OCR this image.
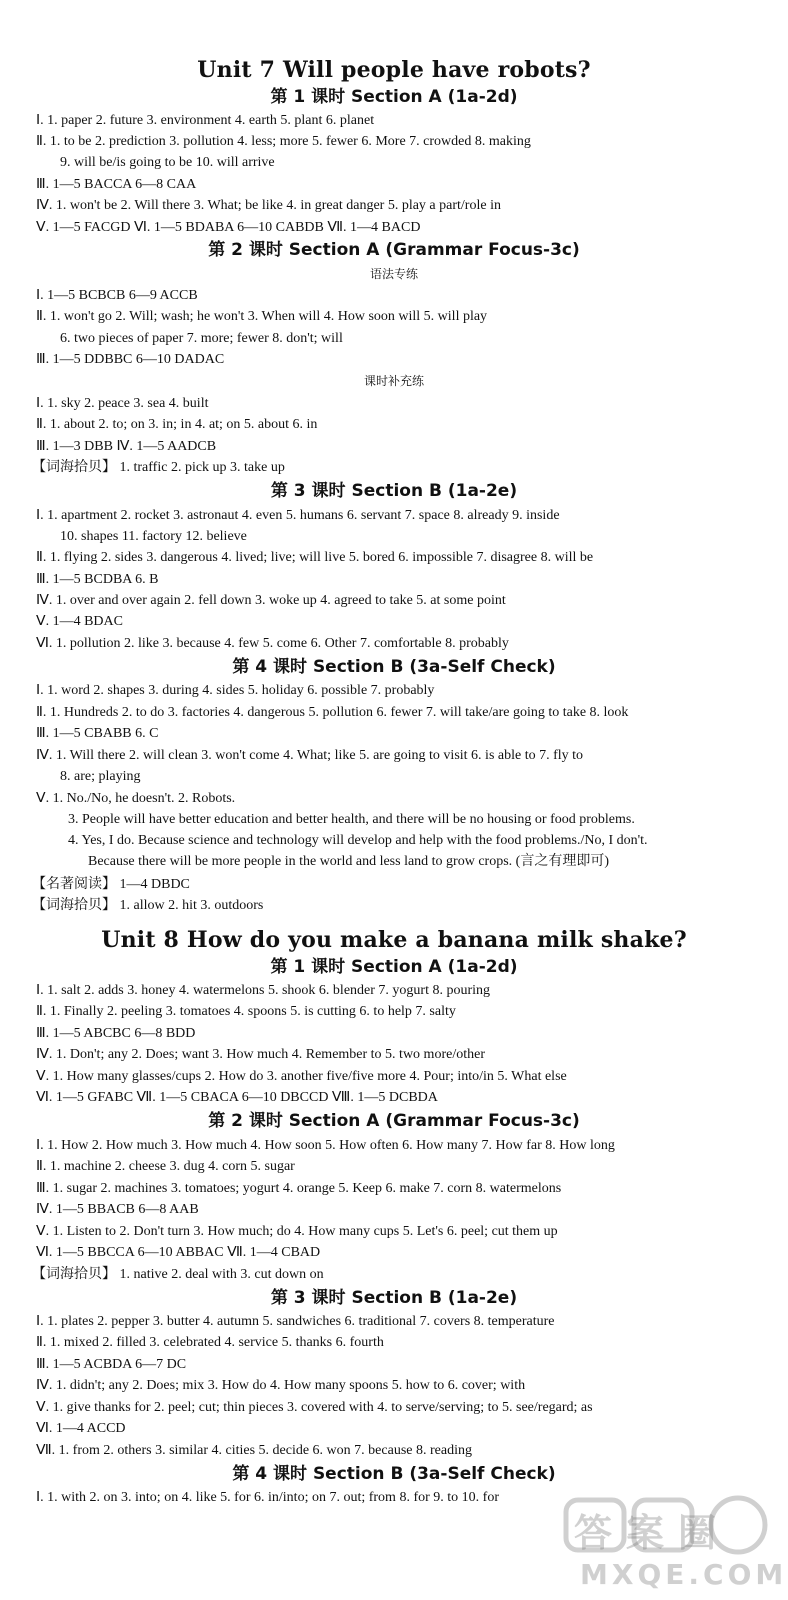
Unit 7 Will people have robots?
第 1 课时 Section A (1a-2d)
Ⅰ. 1. paper 2. future 3. environment 4. earth 5. plant 6. planet
Ⅱ. 1. to be 2. prediction 3. pollution 4. less; more 5. fewer 6. More 7. crowded 8. making
9. will be/is going to be 10. will arrive
Ⅲ. 1—5 BACCA 6—8 CAA
Ⅳ. 1. won't be 2. Will there 3. What; be like 4. in great danger 5. play a part/role in
Ⅴ. 1—5 FACGD Ⅵ. 1—5 BDABA 6—10 CABDB Ⅶ. 1—4 BACD
第 2 课时 Section A (Grammar Focus-3c)
语法专练
Ⅰ. 1—5 BCBCB 6—9 ACCB
Ⅱ. 1. won't go 2. Will; wash; he won't 3. When will 4. How soon will 5. will play
6. two pieces of paper 7. more; fewer 8. don't; will
Ⅲ. 1—5 DDBBC 6—10 DADAC
课时补充练
Ⅰ. 1. sky 2. peace 3. sea 4. built
Ⅱ. 1. about 2. to; on 3. in; in 4. at; on 5. about 6. in
Ⅲ. 1—3 DBB Ⅳ. 1—5 AADCB
【词海拾贝】 1. traffic 2. pick up 3. take up
第 3 课时 Section B (1a-2e)
Ⅰ. 1. apartment 2. rocket 3. astronaut 4. even 5. humans 6. servant 7. space 8. already 9. inside
10. shapes 11. factory 12. believe
Ⅱ. 1. flying 2. sides 3. dangerous 4. lived; live; will live 5. bored 6. impossible 7. disagree 8. will be
Ⅲ. 1—5 BCDBA 6. B
Ⅳ. 1. over and over again 2. fell down 3. woke up 4. agreed to take 5. at some point
Ⅴ. 1—4 BDAC
Ⅵ. 1. pollution 2. like 3. because 4. few 5. come 6. Other 7. comfortable 8. probably
第 4 课时 Section B (3a-Self Check)
Ⅰ. 1. word 2. shapes 3. during 4. sides 5. holiday 6. possible 7. probably
Ⅱ. 1. Hundreds 2. to do 3. factories 4. dangerous 5. pollution 6. fewer 7. will take/are going to take 8. look
Ⅲ. 1—5 CBABB 6. C
Ⅳ. 1. Will there 2. will clean 3. won't come 4. What; like 5. are going to visit 6. is able to 7. fly to
8. are; playing
Ⅴ. 1. No./No, he doesn't. 2. Robots.
3. People will have better education and better health, and there will be no housing or food problems.
4. Yes, I do. Because science and technology will develop and help with the food problems./No, I don't.
Because there will be more people in the world and less land to grow crops. (言之有理即可)
【名著阅读】 1—4 DBDC
【词海拾贝】 1. allow 2. hit 3. outdoors
Unit 8 How do you make a banana milk shake?
第 1 课时 Section A (1a-2d)
Ⅰ. 1. salt 2. adds 3. honey 4. watermelons 5. shook 6. blender 7. yogurt 8. pouring
Ⅱ. 1. Finally 2. peeling 3. tomatoes 4. spoons 5. is cutting 6. to help 7. salty
Ⅲ. 1—5 ABCBC 6—8 BDD
Ⅳ. 1. Don't; any 2. Does; want 3. How much 4. Remember to 5. two more/other
Ⅴ. 1. How many glasses/cups 2. How do 3. another five/five more 4. Pour; into/in 5. What else
Ⅵ. 1—5 GFABC Ⅶ. 1—5 CBACA 6—10 DBCCD Ⅷ. 1—5 DCBDA
第 2 课时 Section A (Grammar Focus-3c)
Ⅰ. 1. How 2. How much 3. How much 4. How soon 5. How often 6. How many 7. How far 8. How long
Ⅱ. 1. machine 2. cheese 3. dug 4. corn 5. sugar
Ⅲ. 1. sugar 2. machines 3. tomatoes; yogurt 4. orange 5. Keep 6. make 7. corn 8. watermelons
Ⅳ. 1—5 BBACB 6—8 AAB
Ⅴ. 1. Listen to 2. Don't turn 3. How much; do 4. How many cups 5. Let's 6. peel; cut them up
Ⅵ. 1—5 BBCCA 6—10 ABBAC Ⅶ. 1—4 CBAD
【词海拾贝】 1. native 2. deal with 3. cut down on
第 3 课时 Section B (1a-2e)
Ⅰ. 1. plates 2. pepper 3. butter 4. autumn 5. sandwiches 6. traditional 7. covers 8. temperature
Ⅱ. 1. mixed 2. filled 3. celebrated 4. service 5. thanks 6. fourth
Ⅲ. 1—5 ACBDA 6—7 DC
Ⅳ. 1. didn't; any 2. Does; mix 3. How do 4. How many spoons 5. how to 6. cover; with
Ⅴ. 1. give thanks for 2. peel; cut; thin pieces 3. covered with 4. to serve/serving; to 5. see/regard; as
Ⅵ. 1—4 ACCD
Ⅶ. 1. from 2. others 3. similar 4. cities 5. decide 6. won 7. because 8. reading
第 4 课时 Section B (3a-Self Check)
Ⅰ. 1. with 2. on 3. into; on 4. like 5. for 6. in/into; on 7. out; from 8. for 9. to 10. for
答案圈
MXQE.COM
